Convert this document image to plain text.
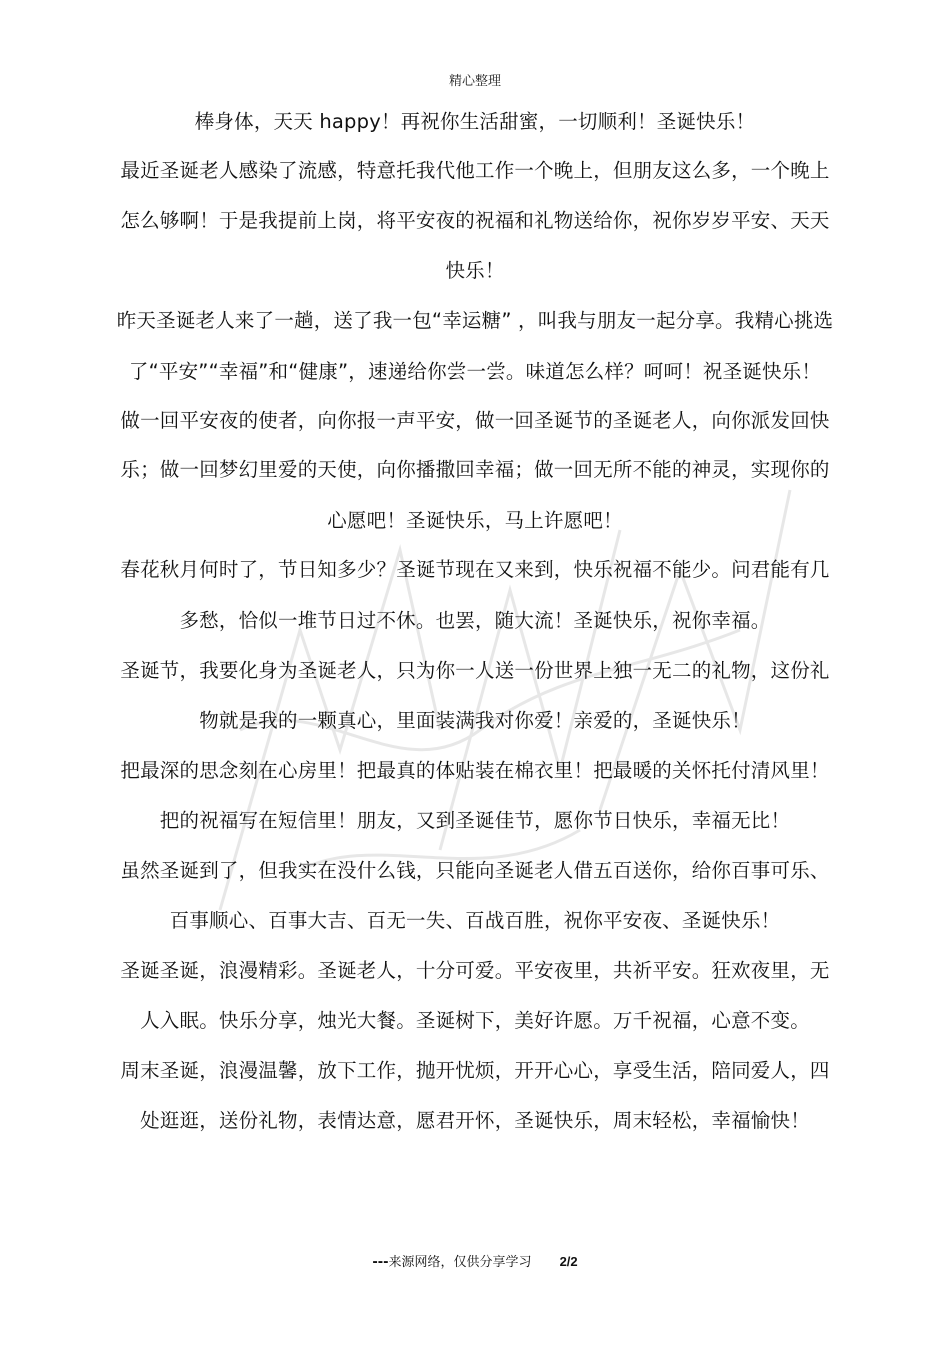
精心整理
棒身体，天天 happy！再祝你生活甜蜜，一切顺利！圣诞快乐！
最近圣诞老人感染了流感，特意托我代他工作一个晚上，但朋友这么多，一个晚上
怎么够啊！于是我提前上岗，将平安夜的祝福和礼物送给你，祝你岁岁平安、天天
快乐！
昨天圣诞老人来了一趟，送了我一包“幸运糖” ，叫我与朋友一起分享。我精心挑选
了“平安”“幸福”和“健康”，速递给你尝一尝。味道怎么样？呵呵！祝圣诞快乐！
做一回平安夜的使者，向你报一声平安，做一回圣诞节的圣诞老人，向你派发回快
乐；做一回梦幻里爱的天使，向你播撒回幸福；做一回无所不能的神灵，实现你的
心愿吧！圣诞快乐，马上许愿吧！
春花秋月何时了，节日知多少？圣诞节现在又来到，快乐祝福不能少。问君能有几
多愁，恰似一堆节日过不休。也罢，随大流！圣诞快乐，祝你幸福。
圣诞节，我要化身为圣诞老人，只为你一人送一份世界上独一无二的礼物，这份礼
物就是我的一颗真心，里面装满我对你爱！亲爱的，圣诞快乐！
把最深的思念刻在心房里！把最真的体贴装在棉衣里！把最暖的关怀托付清风里！
把的祝福写在短信里！朋友，又到圣诞佳节，愿你节日快乐，幸福无比！
虽然圣诞到了，但我实在没什么钱，只能向圣诞老人借五百送你，给你百事可乐、
百事顺心、百事大吉、百无一失、百战百胜，祝你平安夜、圣诞快乐！
圣诞圣诞，浪漫精彩。圣诞老人，十分可爱。平安夜里，共祈平安。狂欢夜里，无
人入眠。快乐分享，烛光大餐。圣诞树下，美好许愿。万千祝福，心意不变。
周末圣诞，浪漫温馨，放下工作，抛开忧烦，开开心心，享受生活，陪同爱人，四
处逛逛，送份礼物，表情达意，愿君开怀，圣诞快乐，周末轻松，幸福愉快！
---来源网络，仅供分享学习 2/2
